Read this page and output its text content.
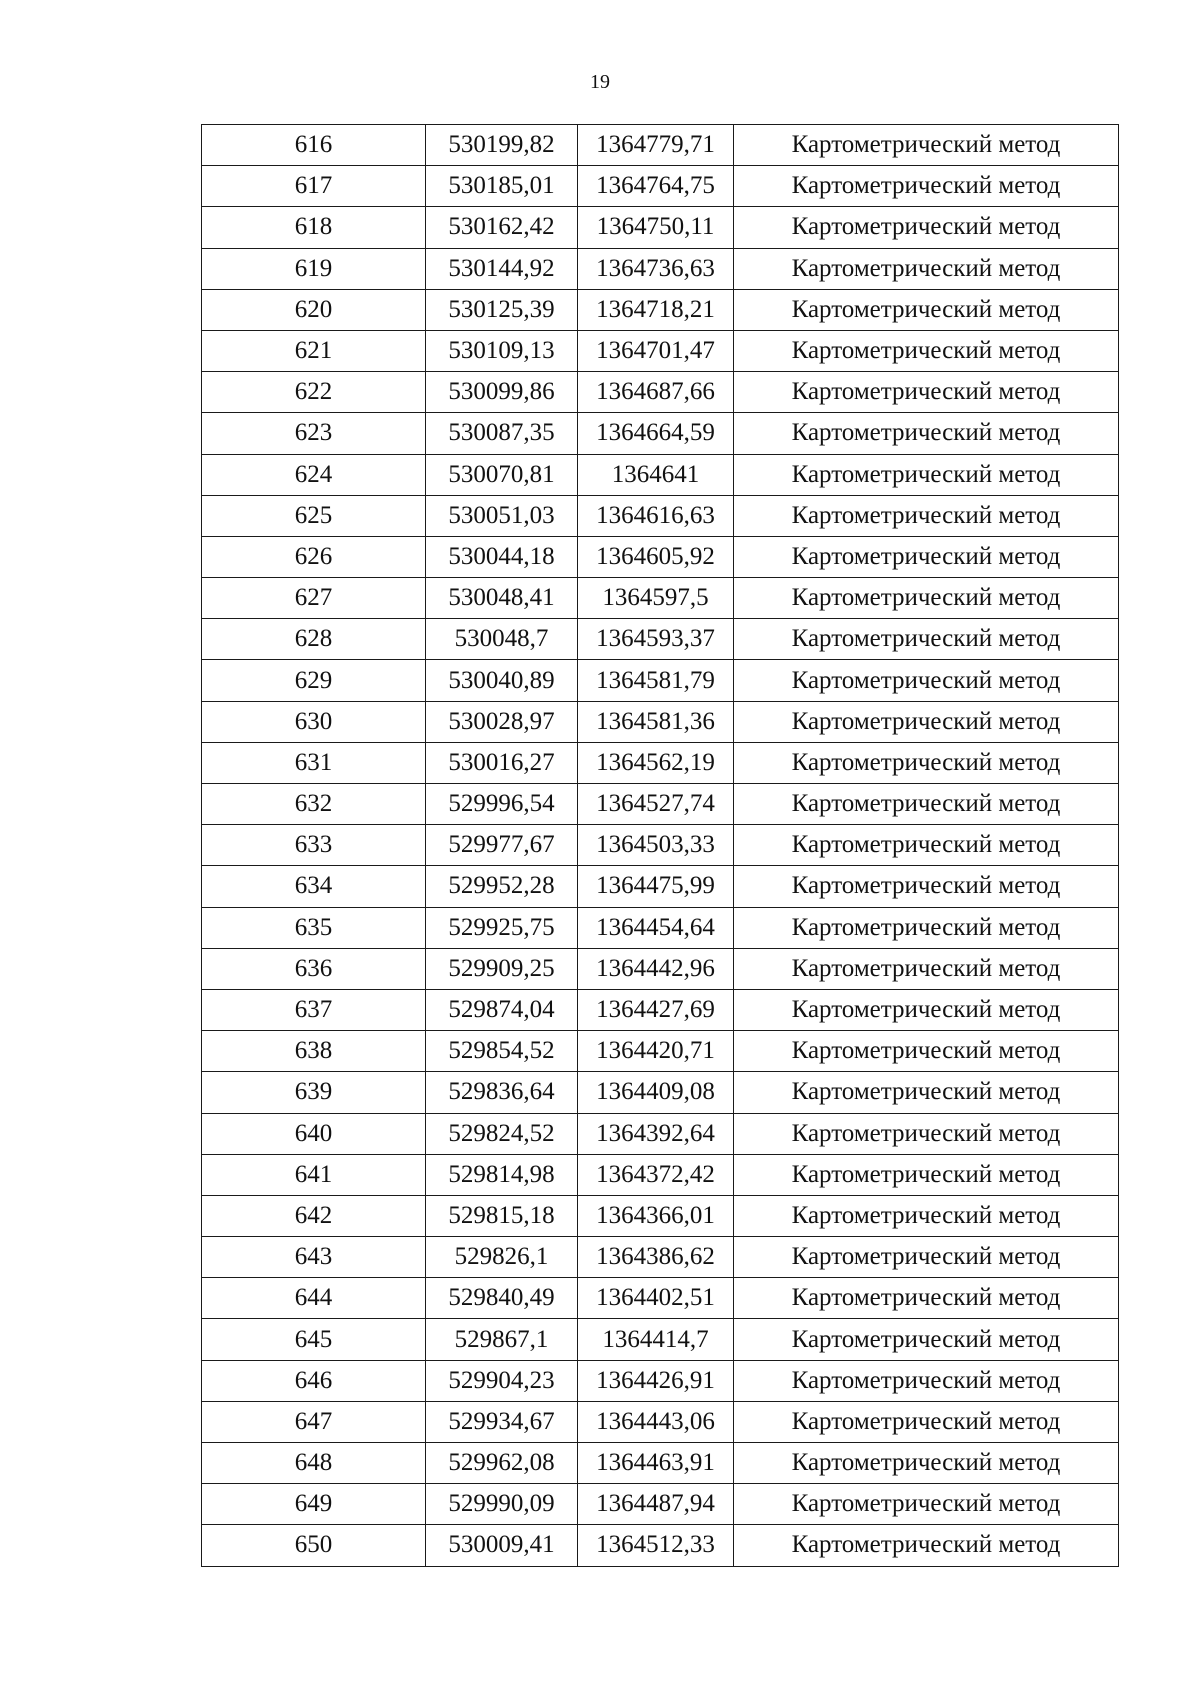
19
616	530199,82	1364779,71	Картометрический метод
617	530185,01	1364764,75	Картометрический метод
618	530162,42	1364750,11	Картометрический метод
619	530144,92	1364736,63	Картометрический метод
620	530125,39	1364718,21	Картометрический метод
621	530109,13	1364701,47	Картометрический метод
622	530099,86	1364687,66	Картометрический метод
623	530087,35	1364664,59	Картометрический метод
624	530070,81	1364641	Картометрический метод
625	530051,03	1364616,63	Картометрический метод
626	530044,18	1364605,92	Картометрический метод
627	530048,41	1364597,5	Картометрический метод
628	530048,7	1364593,37	Картометрический метод
629	530040,89	1364581,79	Картометрический метод
630	530028,97	1364581,36	Картометрический метод
631	530016,27	1364562,19	Картометрический метод
632	529996,54	1364527,74	Картометрический метод
633	529977,67	1364503,33	Картометрический метод
634	529952,28	1364475,99	Картометрический метод
635	529925,75	1364454,64	Картометрический метод
636	529909,25	1364442,96	Картометрический метод
637	529874,04	1364427,69	Картометрический метод
638	529854,52	1364420,71	Картометрический метод
639	529836,64	1364409,08	Картометрический метод
640	529824,52	1364392,64	Картометрический метод
641	529814,98	1364372,42	Картометрический метод
642	529815,18	1364366,01	Картометрический метод
643	529826,1	1364386,62	Картометрический метод
644	529840,49	1364402,51	Картометрический метод
645	529867,1	1364414,7	Картометрический метод
646	529904,23	1364426,91	Картометрический метод
647	529934,67	1364443,06	Картометрический метод
648	529962,08	1364463,91	Картометрический метод
649	529990,09	1364487,94	Картометрический метод
650	530009,41	1364512,33	Картометрический метод
